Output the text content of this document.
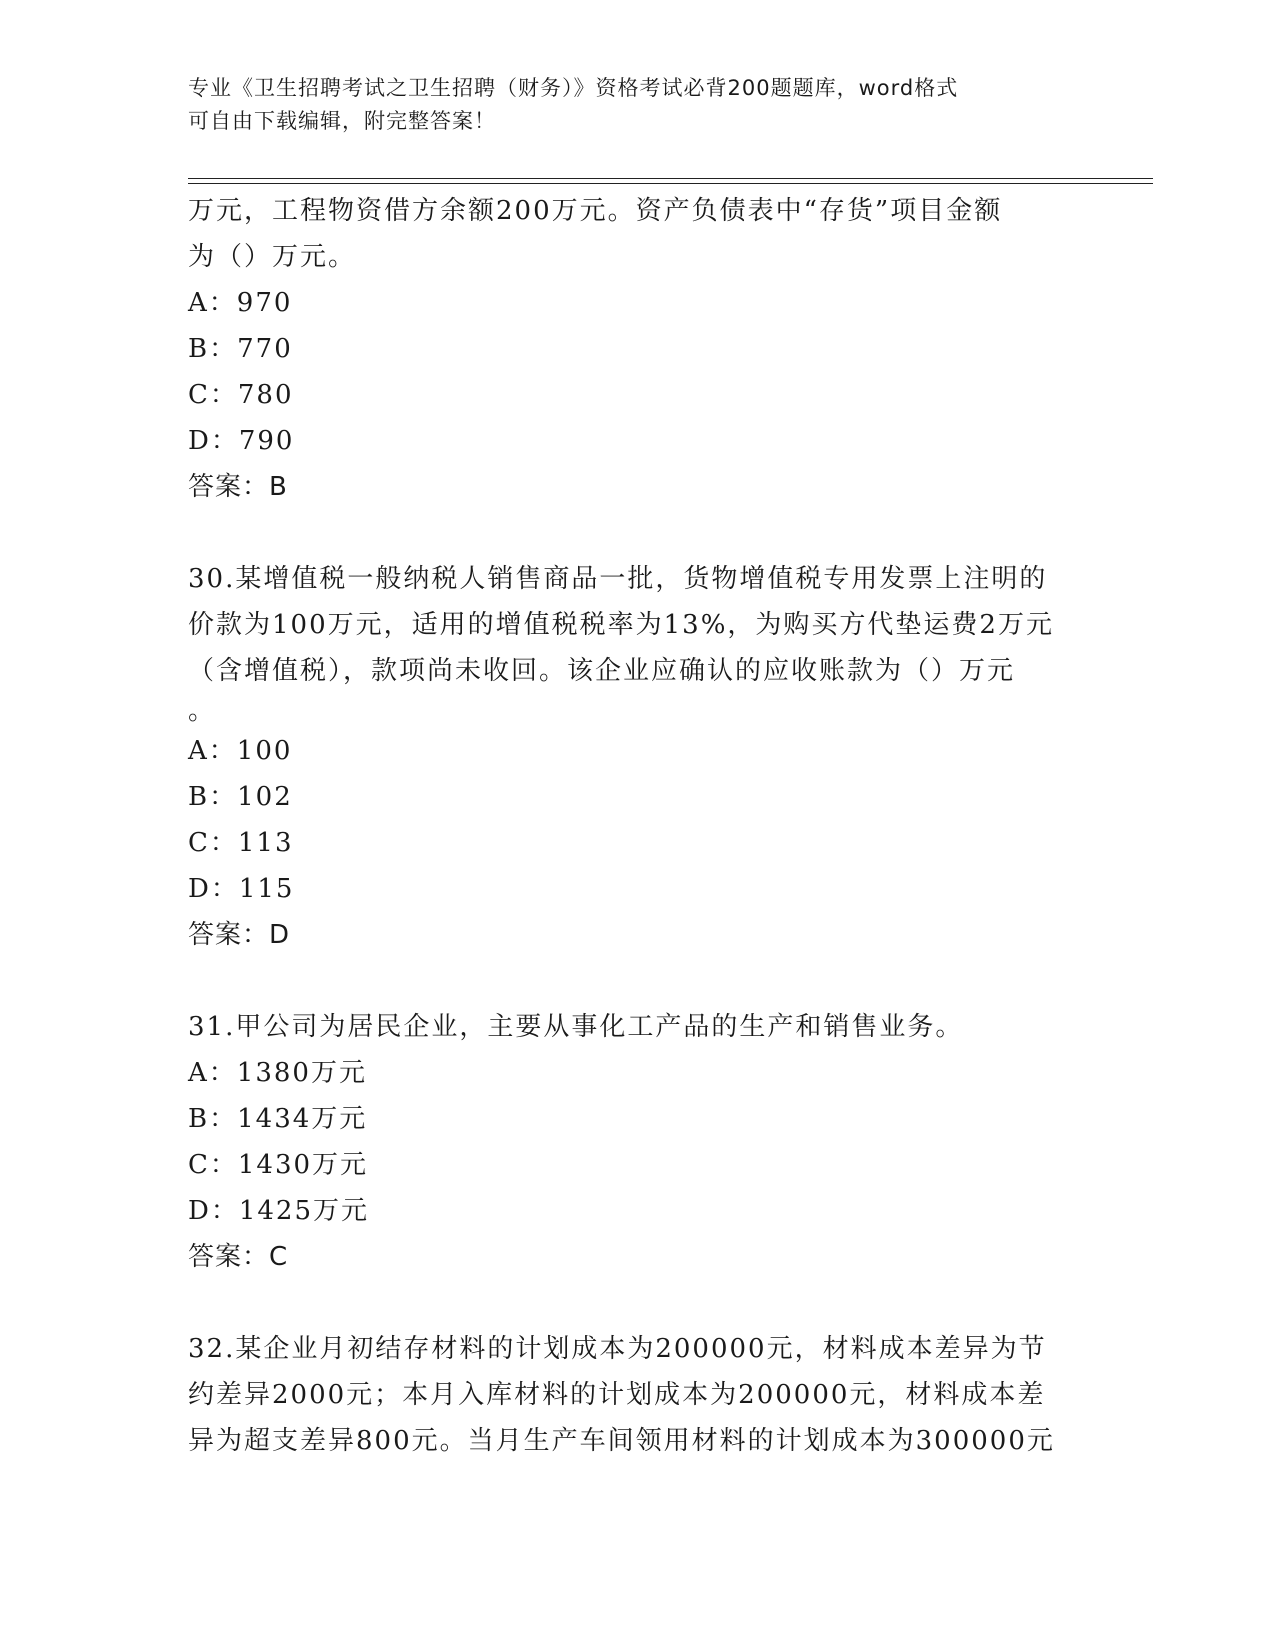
专业《卫生招聘考试之卫生招聘（财务）》资格考试必背200题题库，word格式
可自由下载编辑，附完整答案！
万元，工程物资借方余额200万元。资产负债表中“存货”项目金额
为（）万元。
A：970
B：770
C：780
D：790
答案：B
30.某增值税一般纳税人销售商品一批，货物增值税专用发票上注明的
价款为100万元，适用的增值税税率为13%，为购买方代垫运费2万元
（含增值税），款项尚未收回。该企业应确认的应收账款为（）万元
。
A：100
B：102
C：113
D：115
答案：D
31.甲公司为居民企业，主要从事化工产品的生产和销售业务。
A：1380万元
B：1434万元
C：1430万元
D：1425万元
答案：C
32.某企业月初结存材料的计划成本为200000元，材料成本差异为节
约差异2000元；本月入库材料的计划成本为200000元，材料成本差
异为超支差异800元。当月生产车间领用材料的计划成本为300000元
